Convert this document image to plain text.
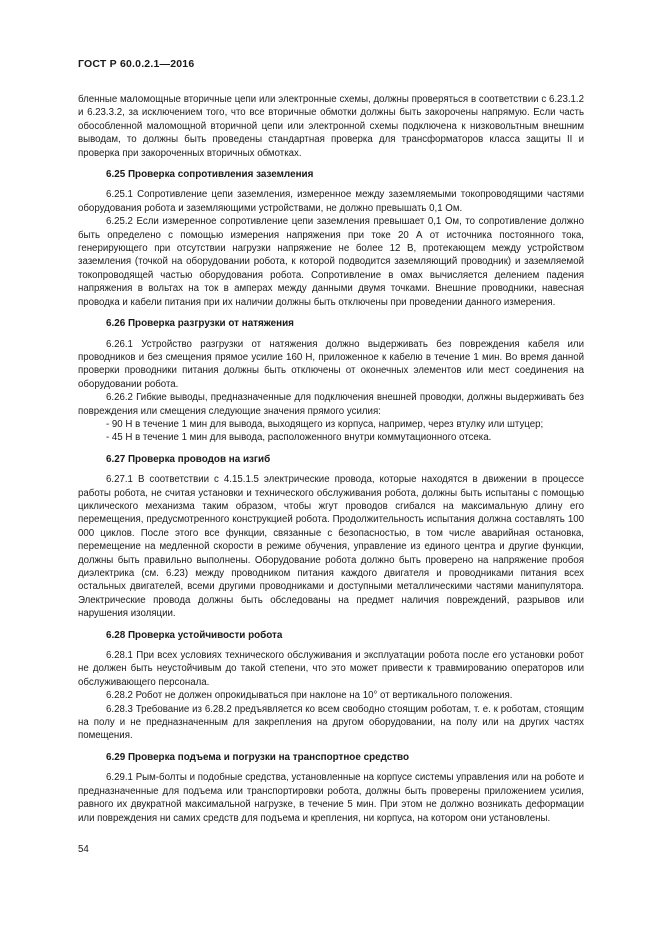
ГОСТ Р 60.0.2.1—2016
бленные маломощные вторичные цепи или электронные схемы, должны проверяться в соответствии с 6.23.1.2 и 6.23.3.2, за исключением того, что все вторичные обмотки должны быть закорочены напрямую. Если часть обособленной маломощной вторичной цепи или электронной схемы подключена к низковольтным внешним выводам, то должны быть проведены стандартная проверка для трансформаторов класса защиты II и проверка при закороченных вторичных обмотках.
6.25 Проверка сопротивления заземления
6.25.1 Сопротивление цепи заземления, измеренное между заземляемыми токопроводящими частями оборудования робота и заземляющими устройствами, не должно превышать 0,1 Ом.
6.25.2 Если измеренное сопротивление цепи заземления превышает 0,1 Ом, то сопротивление должно быть определено с помощью измерения напряжения при токе 20 А от источника постоянного тока, генерирующего при отсутствии нагрузки напряжение не более 12 В, протекающем между устройством заземления (точкой на оборудовании робота, к которой подводится заземляющий проводник) и заземляемой токопроводящей частью оборудования робота. Сопротивление в омах вычисляется делением падения напряжения в вольтах на ток в амперах между данными двумя точками. Внешние проводники, навесная проводка и кабели питания при их наличии должны быть отключены при проведении данного измерения.
6.26 Проверка разгрузки от натяжения
6.26.1 Устройство разгрузки от натяжения должно выдерживать без повреждения кабеля или проводников и без смещения прямое усилие 160 Н, приложенное к кабелю в течение 1 мин. Во время данной проверки проводники питания должны быть отключены от оконечных элементов или мест соединения на оборудовании робота.
6.26.2 Гибкие выводы, предназначенные для подключения внешней проводки, должны выдерживать без повреждения или смещения следующие значения прямого усилия:
- 90 Н в течение 1 мин для вывода, выходящего из корпуса, например, через втулку или штуцер;
- 45 Н в течение 1 мин для вывода, расположенного внутри коммутационного отсека.
6.27 Проверка проводов на изгиб
6.27.1 В соответствии с 4.15.1.5 электрические провода, которые находятся в движении в процессе работы робота, не считая установки и технического обслуживания робота, должны быть испытаны с помощью циклического механизма таким образом, чтобы жгут проводов сгибался на максимальную длину его перемещения, предусмотренного конструкцией робота. Продолжительность испытания должна составлять 100 000 циклов. После этого все функции, связанные с безопасностью, в том числе аварийная остановка, перемещение на медленной скорости в режиме обучения, управление из единого центра и другие функции, должны быть правильно выполнены. Оборудование робота должно быть проверено на напряжение пробоя диэлектрика (см. 6.23) между проводником питания каждого двигателя и проводниками питания всех остальных двигателей, всеми другими проводниками и доступными металлическими частями манипулятора. Электрические провода должны быть обследованы на предмет наличия повреждений, разрывов или нарушения изоляции.
6.28 Проверка устойчивости робота
6.28.1 При всех условиях технического обслуживания и эксплуатации робота после его установки робот не должен быть неустойчивым до такой степени, что это может привести к травмированию операторов или обслуживающего персонала.
6.28.2 Робот не должен опрокидываться при наклоне на 10° от вертикального положения.
6.28.3 Требование из 6.28.2 предъявляется ко всем свободно стоящим роботам, т. е. к роботам, стоящим на полу и не предназначенным для закрепления на другом оборудовании, на полу или на других частях помещения.
6.29 Проверка подъема и погрузки на транспортное средство
6.29.1 Рым-болты и подобные средства, установленные на корпусе системы управления или на роботе и предназначенные для подъема или транспортировки робота, должны быть проверены приложением усилия, равного их двукратной максимальной нагрузке, в течение 5 мин. При этом не должно возникать деформации или повреждения ни самих средств для подъема и крепления, ни корпуса, на котором они установлены.
54
